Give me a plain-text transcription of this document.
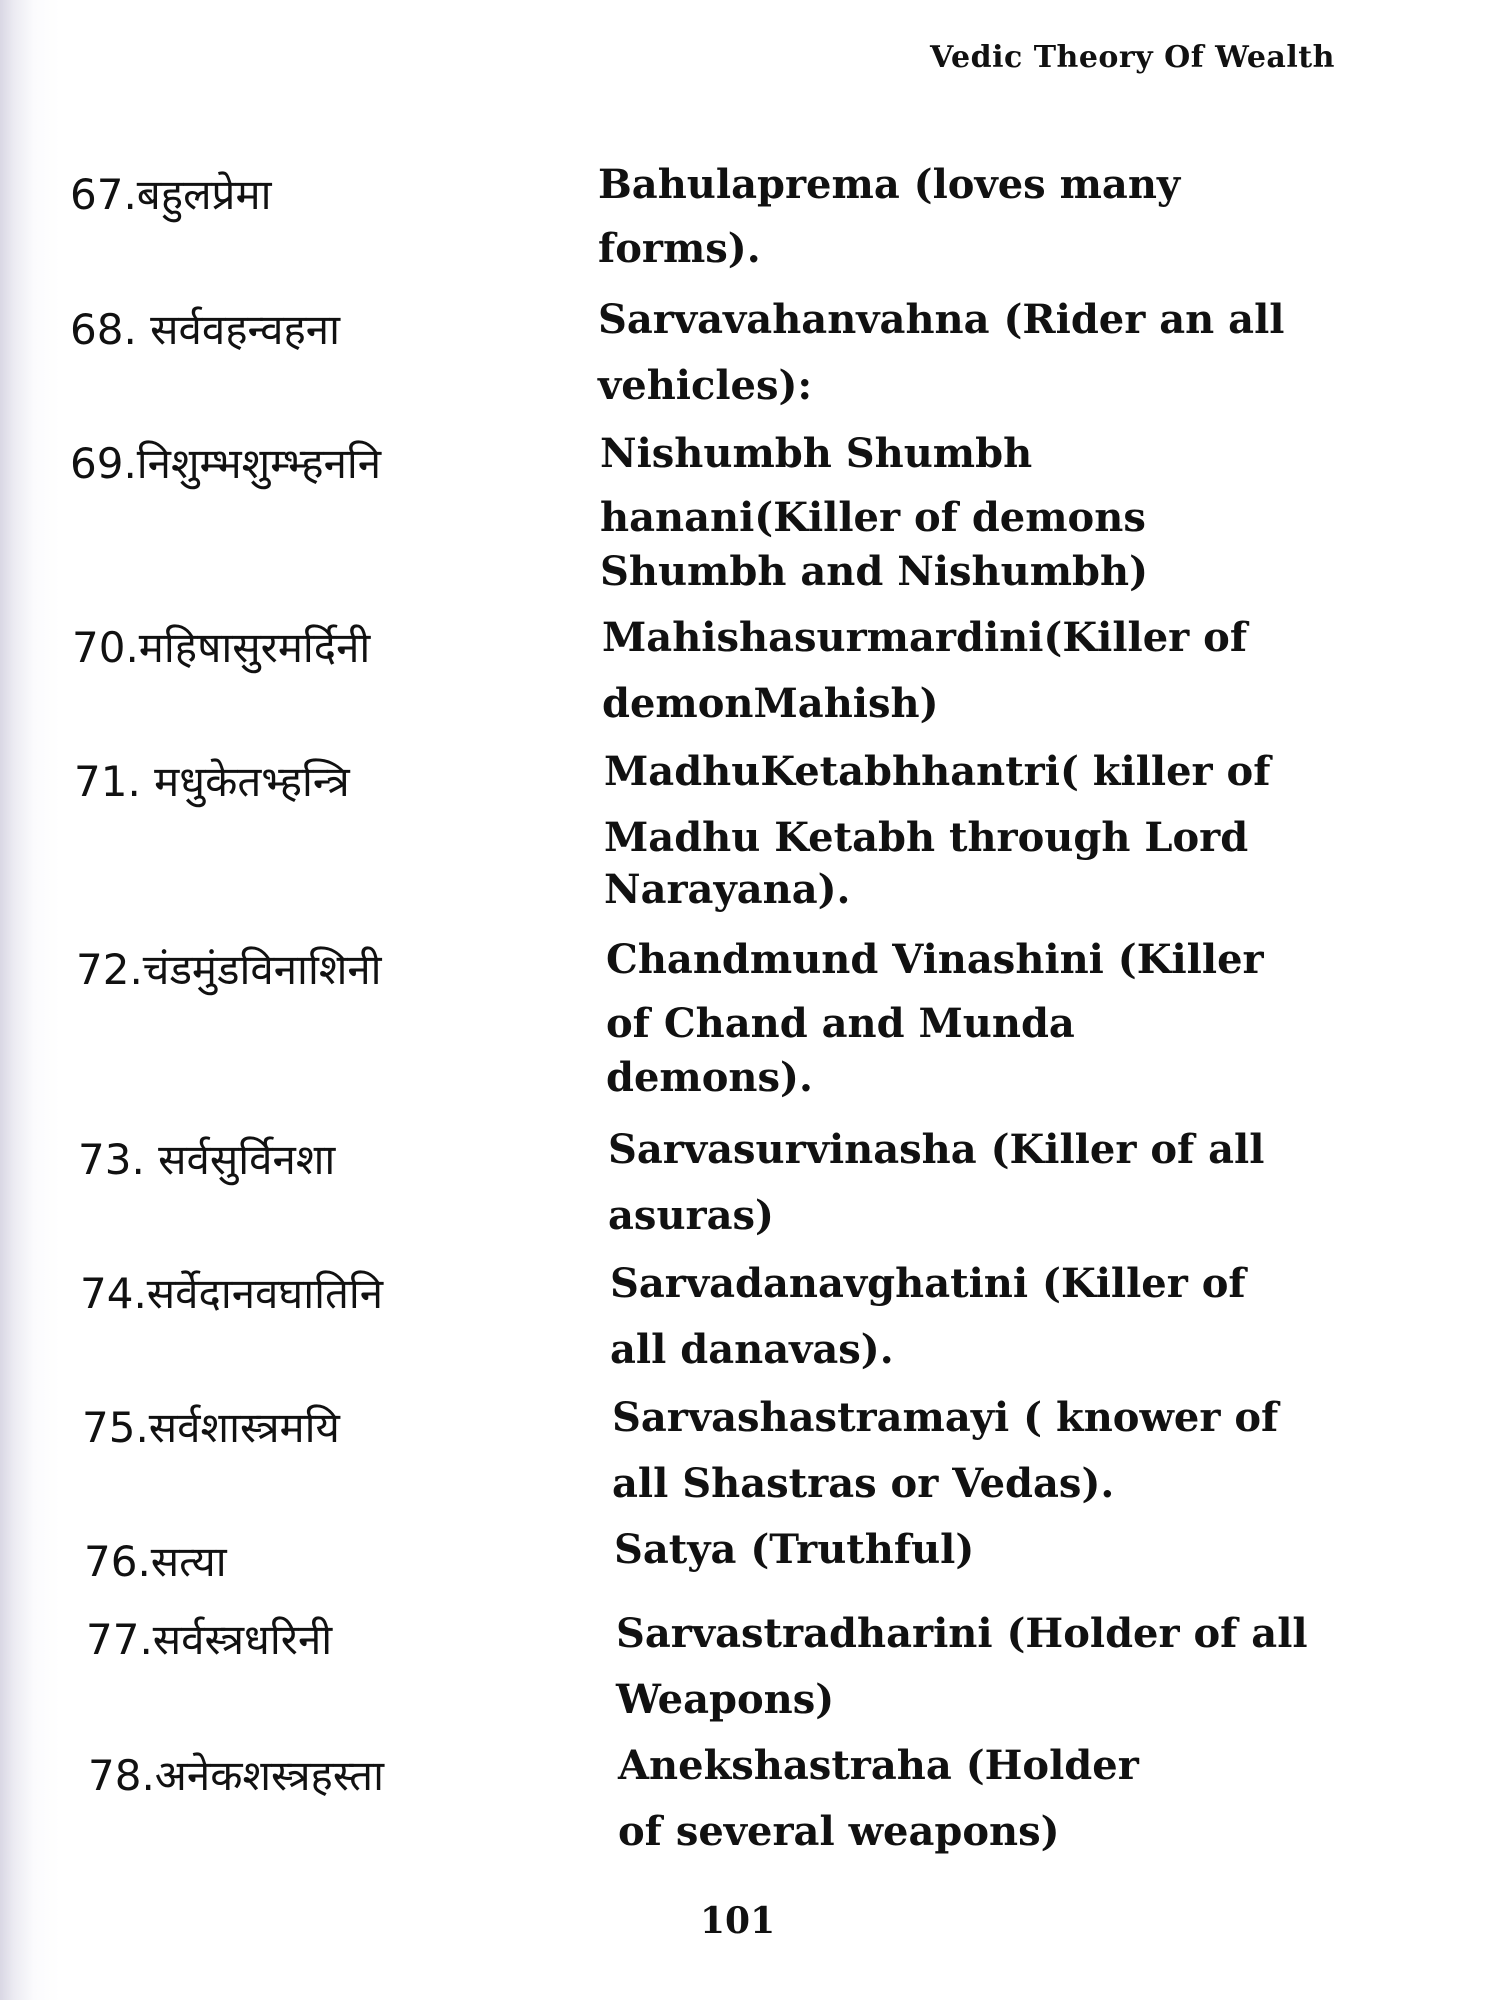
Vedic Theory Of Wealth
67.बहुलप्रेमा	Bahulaprema (loves many
forms).
68. सर्ववहन्वहना	Sarvavahanvahna (Rider an all
vehicles):
69.निशुम्भशुम्भ्हननि	Nishumbh Shumbh
hanani(Killer of demons
Shumbh and Nishumbh)
70.महिषासुरमर्दिनी	Mahishasurmardini(Killer of
demonMahish)
71. मधुकेतभ्हन्त्रि	MadhuKetabhhantri( killer of
Madhu Ketabh through Lord
Narayana).
72.चंडमुंडविनाशिनी	Chandmund Vinashini (Killer
of Chand and Munda
demons).
73. सर्वसुर्विनशा	Sarvasurvinasha (Killer of all
asuras)
74.सर्वेदानवघातिनि	Sarvadanavghatini (Killer of
all danavas).
75.सर्वशास्त्रमयि	Sarvashastramayi ( knower of
all Shastras or Vedas).
76.सत्या	Satya (Truthful)
77.सर्वस्त्रधरिनी	Sarvastradharini (Holder of all
Weapons)
78.अनेकशस्त्रहस्ता	Anekshastraha (Holder
of several weapons)
101
